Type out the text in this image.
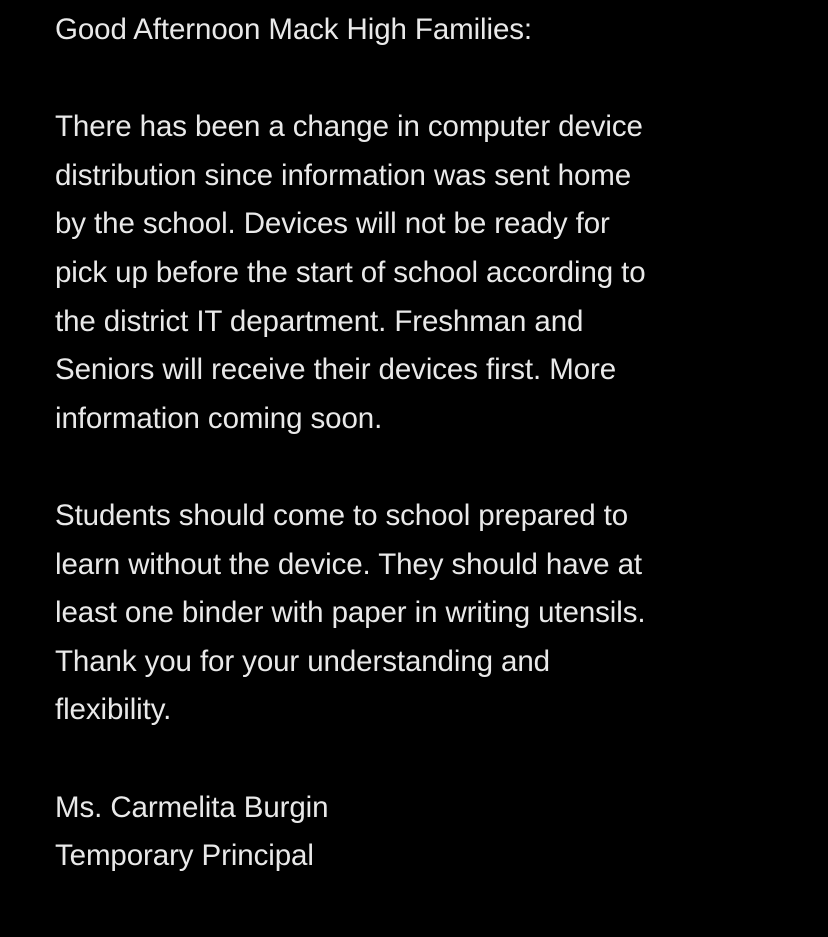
Good Afternoon Mack High Families:
There has been a change in computer device
distribution since information was sent home
by the school. Devices will not be ready for
pick up before the start of school according to
the district IT department. Freshman and
Seniors will receive their devices first. More
information coming soon.
Students should come to school prepared to
learn without the device. They should have at
least one binder with paper in writing utensils.
Thank you for your understanding and
flexibility.
Ms. Carmelita Burgin
Temporary Principal
